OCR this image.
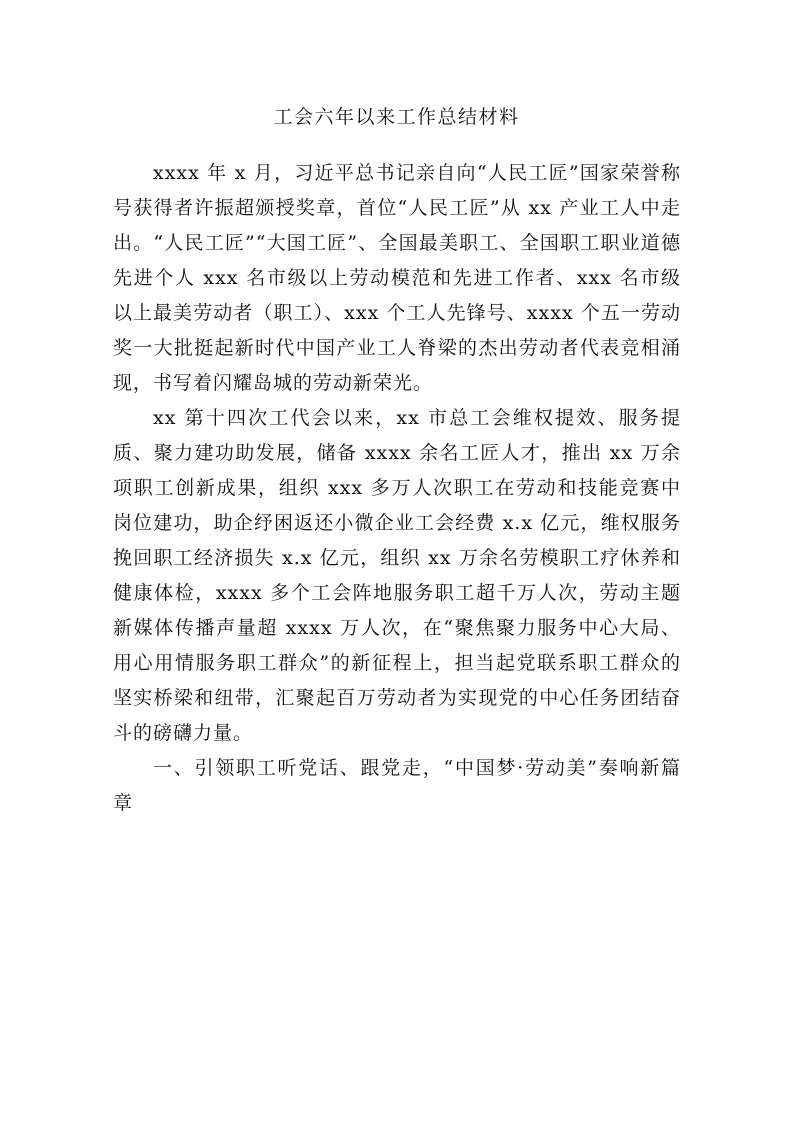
工会六年以来工作总结材料

xxxx 年 x 月，习近平总书记亲自向“人民工匠”国家荣誉称号获得者许振超颁授奖章，首位“人民工匠”从 xx 产业工人中走出。“人民工匠”“大国工匠”、全国最美职工、全国职工职业道德先进个人 xxx 名市级以上劳动模范和先进工作者、xxx 名市级以上最美劳动者（职工）、xxx 个工人先锋号、xxxx 个五一劳动奖一大批挺起新时代中国产业工人脊梁的杰出劳动者代表竞相涌现，书写着闪耀岛城的劳动新荣光。

xx 第十四次工代会以来，xx 市总工会维权提效、服务提质、聚力建功助发展，储备 xxxx 余名工匠人才，推出 xx 万余项职工创新成果，组织 xxx 多万人次职工在劳动和技能竞赛中岗位建功，助企纾困返还小微企业工会经费 x.x 亿元，维权服务挽回职工经济损失 x.x 亿元，组织 xx 万余名劳模职工疗休养和健康体检，xxxx 多个工会阵地服务职工超千万人次，劳动主题新媒体传播声量超 xxxx 万人次，在“聚焦聚力服务中心大局、用心用情服务职工群众”的新征程上，担当起党联系职工群众的坚实桥梁和纽带，汇聚起百万劳动者为实现党的中心任务团结奋斗的磅礴力量。

一、引领职工听党话、跟党走，“中国梦·劳动美”奏响新篇章
